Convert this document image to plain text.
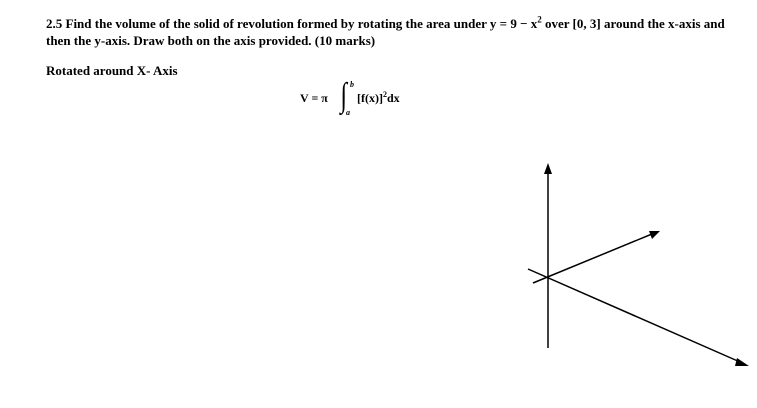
2.5 Find the volume of the solid of revolution formed by rotating the area under $y = 9 - x^2$ over [0, 3] around the x-axis and then the y-axis. Draw both on the axis provided. (10 marks)
Rotated around X- Axis
V = π ∫ b
a
$[f(x)]^2dx$
